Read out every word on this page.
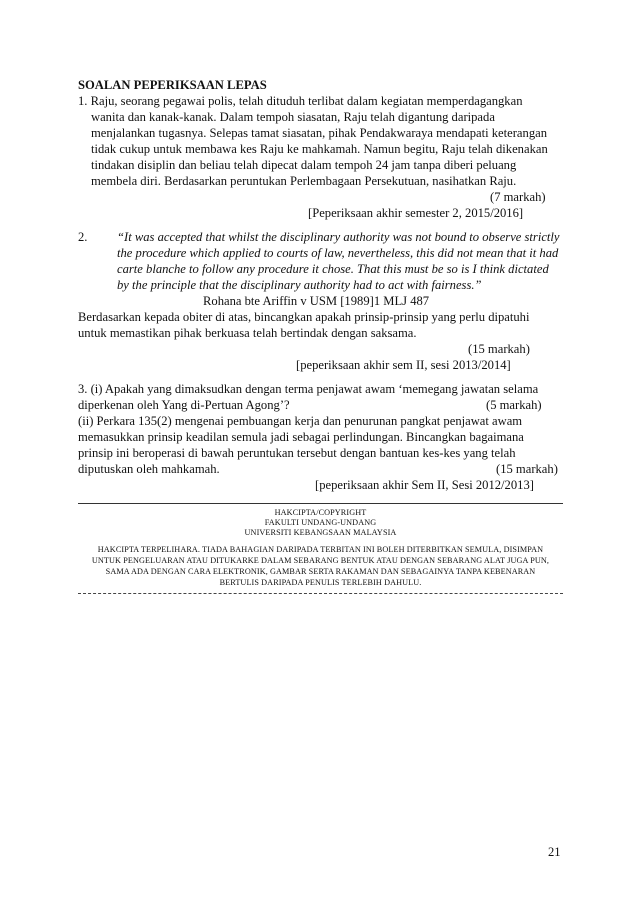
SOALAN PEPERIKSAAN LEPAS
1. Raju, seorang pegawai polis, telah dituduh terlibat dalam kegiatan memperdagangkan
wanita dan kanak-kanak. Dalam tempoh siasatan, Raju telah digantung daripada
menjalankan tugasnya. Selepas tamat siasatan, pihak Pendakwaraya mendapati keterangan
tidak cukup untuk membawa kes Raju ke mahkamah. Namun begitu, Raju telah dikenakan
tindakan disiplin dan beliau telah dipecat dalam tempoh 24 jam tanpa diberi peluang
membela diri. Berdasarkan peruntukan Perlembagaan Persekutuan, nasihatkan Raju.
(7 markah)
[Peperiksaan akhir semester 2, 2015/2016]
2. “It was accepted that whilst the disciplinary authority was not bound to observe strictly
the procedure which applied to courts of law, nevertheless, this did not mean that it had
carte blanche to follow any procedure it chose. That this must be so is I think dictated
by the principle that the disciplinary authority had to act with fairness.”
Rohana bte Ariffin v USM [1989]1 MLJ 487
Berdasarkan kepada obiter di atas, bincangkan apakah prinsip-prinsip yang perlu dipatuhi
untuk memastikan pihak berkuasa telah bertindak dengan saksama.
(15 markah)
[peperiksaan akhir sem II, sesi 2013/2014]
3. (i) Apakah yang dimaksudkan dengan terma penjawat awam ‘memegang jawatan selama
diperkenan oleh Yang di-Pertuan Agong’?	(5 markah)
(ii) Perkara 135(2) mengenai pembuangan kerja dan penurunan pangkat penjawat awam
memasukkan prinsip keadilan semula jadi sebagai perlindungan. Bincangkan bagaimana
prinsip ini beroperasi di bawah peruntukan tersebut dengan bantuan kes-kes yang telah
diputuskan oleh mahkamah.	(15 markah)
[peperiksaan akhir Sem II, Sesi 2012/2013]
HAKCIPTA/COPYRIGHT
FAKULTI UNDANG-UNDANG
UNIVERSITI KEBANGSAAN MALAYSIA
HAKCIPTA TERPELIHARA. TIADA BAHAGIAN DARIPADA TERBITAN INI BOLEH DITERBITKAN SEMULA, DISIMPAN
UNTUK PENGELUARAN ATAU DITUKARKE DALAM SEBARANG BENTUK ATAU DENGAN SEBARANG ALAT JUGA PUN,
SAMA ADA DENGAN CARA ELEKTRONIK, GAMBAR SERTA RAKAMAN DAN SEBAGAINYA TANPA KEBENARAN
BERTULIS DARIPADA PENULIS TERLEBIH DAHULU.
21
